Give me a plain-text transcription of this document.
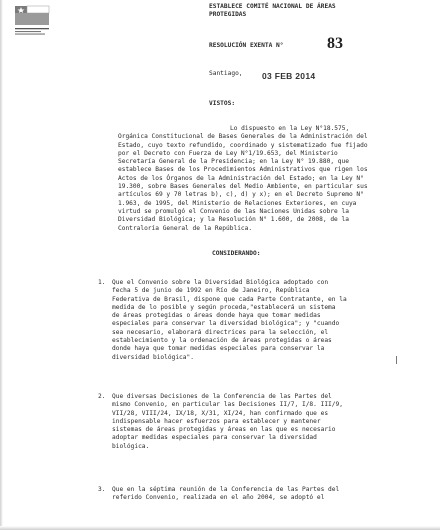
ESTABLECE COMITÉ NACIONAL DE ÁREAS
PROTEGIDAS
RESOLUCIÓN EXENTA N°	83
Santiago, 03 FEB 2014
VISTOS:
Lo dispuesto en la Ley N°18.575,
Orgánica Constitucional de Bases Generales de la Administración del
Estado, cuyo texto refundido, coordinado y sistematizado fue fijado
por el Decreto con Fuerza de Ley N°1/19.653, del Ministerio
Secretaría General de la Presidencia; en la Ley N° 19.880, que
establece Bases de los Procedimientos Administrativos que rigen los
Actos de los Órganos de la Administración del Estado; en la Ley N°
19.300, sobre Bases Generales del Medio Ambiente, en particular sus
artículos 69 y 70 letras b), c), d) y x); en el Decreto Supremo N°
1.963, de 1995, del Ministerio de Relaciones Exteriores, en cuya
virtud se promulgó el Convenio de las Naciones Unidas sobre la
Diversidad Biológica; y la Resolución N° 1.600, de 2008, de la
Contraloría General de la República.
CONSIDERANDO:
1. Que el Convenio sobre la Diversidad Biológica adoptado con
fecha 5 de junio de 1992 en Río de Janeiro, República
Federativa de Brasil, dispone que cada Parte Contratante, en la
medida de lo posible y según proceda,"establecerá un sistema
de áreas protegidas o áreas donde haya que tomar medidas
especiales para conservar la diversidad biológica"; y "cuando
sea necesario, elaborará directrices para la selección, el
establecimiento y la ordenación de áreas protegidas o áreas
donde haya que tomar medidas especiales para conservar la
diversidad biológica".
2. Que diversas Decisiones de la Conferencia de las Partes del
mismo Convenio, en particular las Decisiones II/7, I/8. III/9,
VII/28, VIII/24, IX/18, X/31, XI/24, han confirmado que es
indispensable hacer esfuerzos para establecer y mantener
sistemas de áreas protegidas y áreas en las que es necesario
adoptar medidas especiales para conservar la diversidad
biológica.
3. Que en la séptima reunión de la Conferencia de las Partes del
referido Convenio, realizada en el año 2004, se adoptó el
